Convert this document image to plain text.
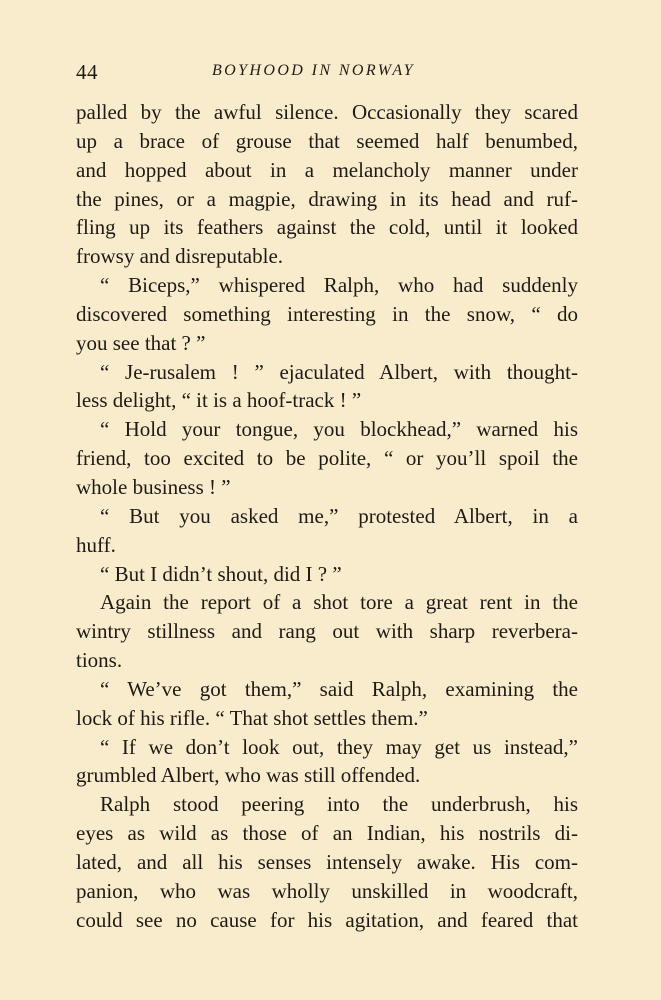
44	BOYHOOD IN NORWAY
palled by the awful silence. Occasionally they scared
up a brace of grouse that seemed half benumbed,
and hopped about in a melancholy manner under
the pines, or a magpie, drawing in its head and ruf-
fling up its feathers against the cold, until it looked
frowsy and disreputable.
“ Biceps,” whispered Ralph, who had suddenly
discovered something interesting in the snow, “ do
you see that ? ”
“ Je-rusalem ! ” ejaculated Albert, with thought-
less delight, “ it is a hoof-track ! ”
“ Hold your tongue, you blockhead,” warned his
friend, too excited to be polite, “ or you’ll spoil the
whole business ! ”
“ But you asked me,” protested Albert, in a
huff.
“ But I didn’t shout, did I ? ”
Again the report of a shot tore a great rent in the
wintry stillness and rang out with sharp reverbera-
tions.
“ We’ve got them,” said Ralph, examining the
lock of his rifle. “ That shot settles them.”
“ If we don’t look out, they may get us instead,”
grumbled Albert, who was still offended.
Ralph stood peering into the underbrush, his
eyes as wild as those of an Indian, his nostrils di-
lated, and all his senses intensely awake. His com-
panion, who was wholly unskilled in woodcraft,
could see no cause for his agitation, and feared that
